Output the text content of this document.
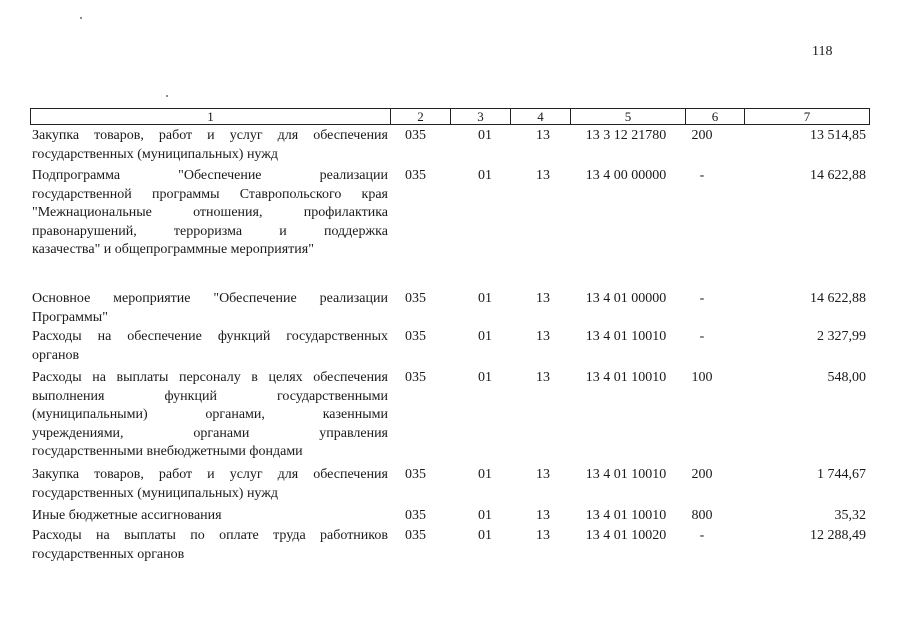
118
1	2	3	4	5	6	7
Закупка товаров, работ и услуг для обеспечения
государственных (муниципальных) нужд
035	01	13	13 3 12 21780	200	13 514,85
Подпрограмма "Обеспечение реализации
государственной программы Ставропольского края
"Межнациональные отношения, профилактика
правонарушений, терроризма и поддержка
казачества" и общепрограммные мероприятия"
035	01	13	13 4 00 00000	-	14 622,88
Основное мероприятие "Обеспечение реализации
Программы"
035	01	13	13 4 01 00000	-	14 622,88
Расходы на обеспечение функций государственных
органов
035	01	13	13 4 01 10010	-	2 327,99
Расходы на выплаты персоналу в целях обеспечения
выполнения функций государственными
(муниципальными) органами, казенными
учреждениями, органами управления
государственными внебюджетными фондами
035	01	13	13 4 01 10010	100	548,00
Закупка товаров, работ и услуг для обеспечения
государственных (муниципальных) нужд
035	01	13	13 4 01 10010	200	1 744,67
Иные бюджетные ассигнования	035	01	13	13 4 01 10010	800	35,32
Расходы на выплаты по оплате труда работников
государственных органов
035	01	13	13 4 01 10020	-	12 288,49
